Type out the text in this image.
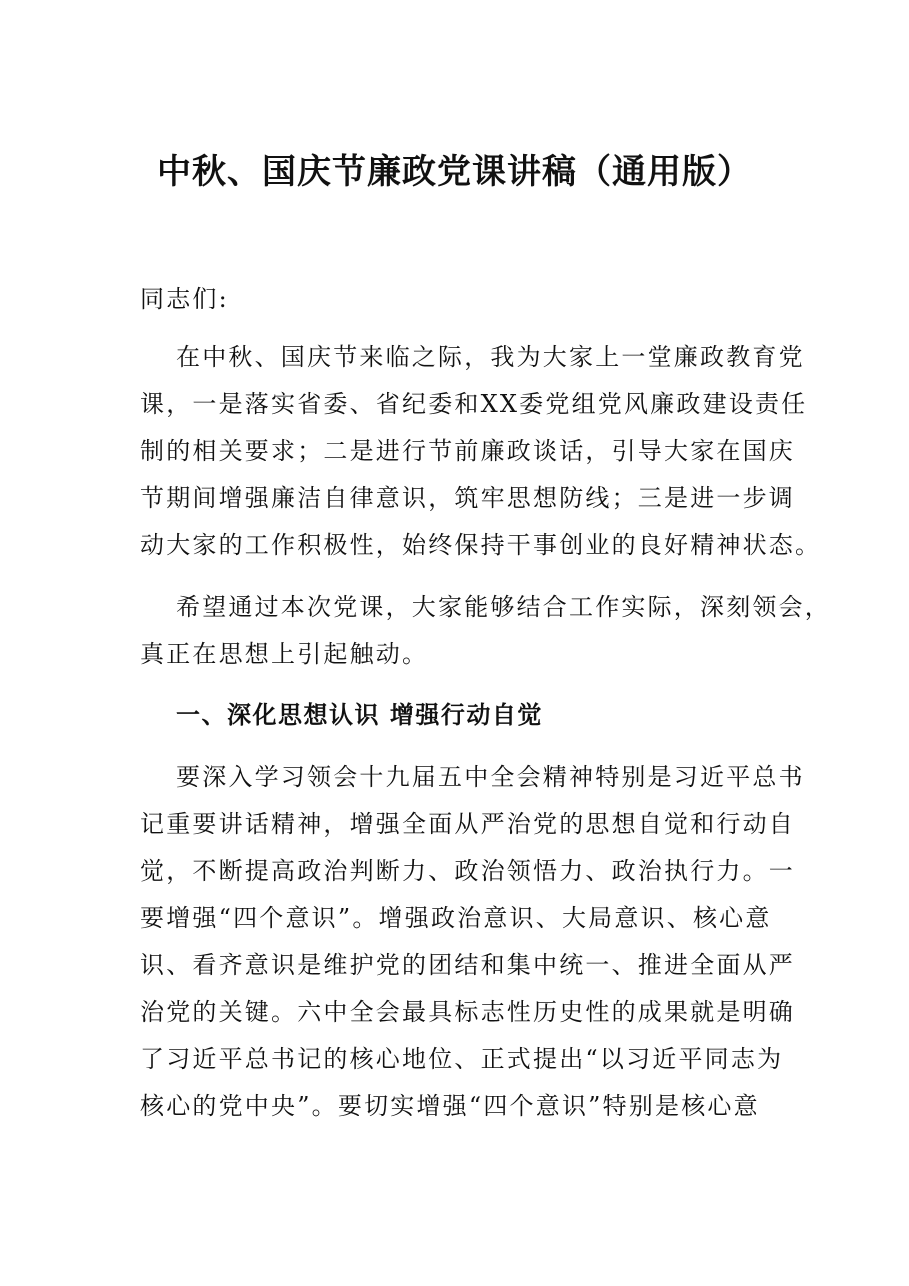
中秋、国庆节廉政党课讲稿（通用版）
同志们:
在中秋、国庆节来临之际，我为大家上一堂廉政教育党
课，一是落实省委、省纪委和XX委党组党风廉政建设责任
制的相关要求；二是进行节前廉政谈话，引导大家在国庆
节期间增强廉洁自律意识，筑牢思想防线；三是进一步调
动大家的工作积极性，始终保持干事创业的良好精神状态。
希望通过本次党课，大家能够结合工作实际，深刻领会，
真正在思想上引起触动。
一、深化思想认识 增强行动自觉
要深入学习领会十九届五中全会精神特别是习近平总书
记重要讲话精神，增强全面从严治党的思想自觉和行动自
觉，不断提高政治判断力、政治领悟力、政治执行力。一
要增强“四个意识”。增强政治意识、大局意识、核心意
识、看齐意识是维护党的团结和集中统一、推进全面从严
治党的关键。六中全会最具标志性历史性的成果就是明确
了习近平总书记的核心地位、正式提出“以习近平同志为
核心的党中央”。要切实增强“四个意识”特别是核心意
